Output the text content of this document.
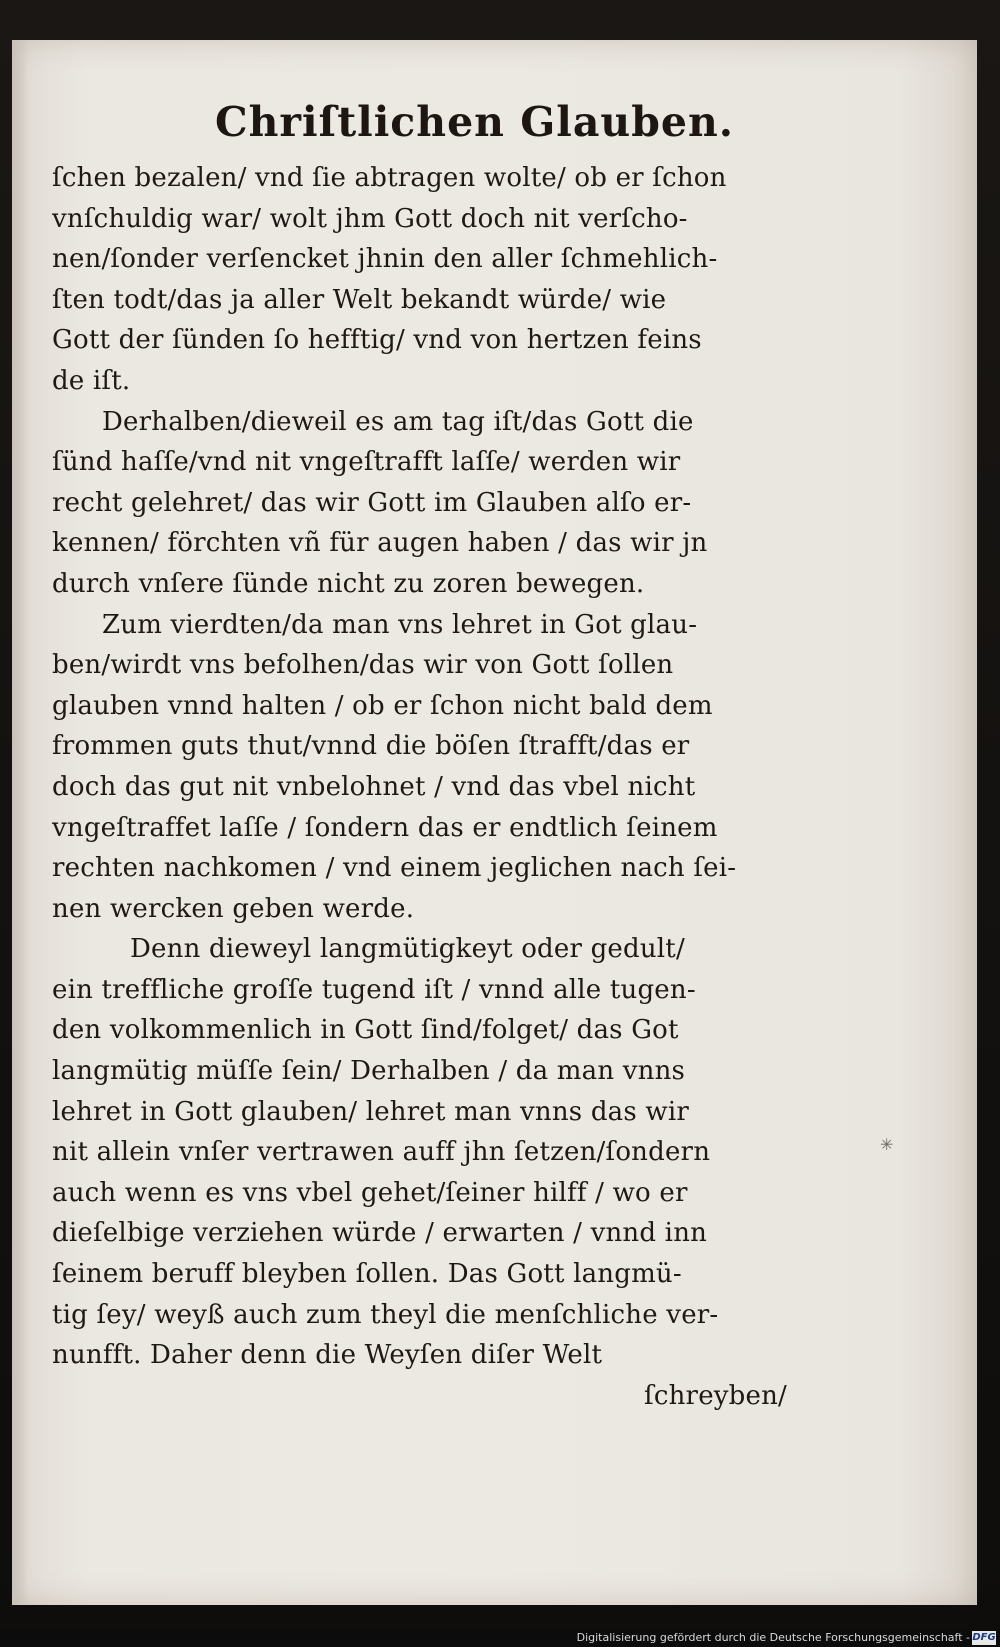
Chriſtlichen Glauben.
ſchen bezalen/ vnd ſie abtragen wolte/ ob er ſchon
vnſchuldig war/ wolt jhm Gott doch nit verſcho-
nen/ſonder verſencket jhnin den aller ſchmehlich-
ſten todt/das ja aller Welt bekandt würde/ wie
Gott der ſünden ſo hefftig/ vnd von hertzen feins
de iſt.
Derhalben/dieweil es am tag iſt/das Gott die
ſünd haſſe/vnd nit vngeſtrafft laſſe/ werden wir
recht gelehret/ das wir Gott im Glauben alſo er-
kennen/ förchten vñ für augen haben / das wir jn
durch vnſere ſünde nicht zu zoren bewegen.
Zum vierdten/da man vns lehret in Got glau-
ben/wirdt vns befolhen/das wir von Gott ſollen
glauben vnnd halten / ob er ſchon nicht bald dem
frommen guts thut/vnnd die böſen ſtrafft/das er
doch das gut nit vnbelohnet / vnd das vbel nicht
vngeſtraffet laſſe / ſondern das er endtlich ſeinem
rechten nachkomen / vnd einem jeglichen nach ſei-
nen wercken geben werde.
Denn dieweyl langmütigkeyt oder gedult/
ein treffliche groſſe tugend iſt / vnnd alle tugen-
den volkommenlich in Gott ſind/folget/ das Got
langmütig müſſe ſein/ Derhalben / da man vnns
lehret in Gott glauben/ lehret man vnns das wir
nit allein vnſer vertrawen auff jhn ſetzen/ſondern
auch wenn es vns vbel gehet/ſeiner hilff / wo er
dieſelbige verziehen würde / erwarten / vnnd inn
ſeinem beruff bleyben ſollen. Das Gott langmü-
tig ſey/ weyß auch zum theyl die menſchliche ver-
nunfft. Daher denn die Weyſen diſer Welt
ſchreyben/
✳
Digitalisierung gefördert durch die Deutsche Forschungsgemeinschaft - DFG
